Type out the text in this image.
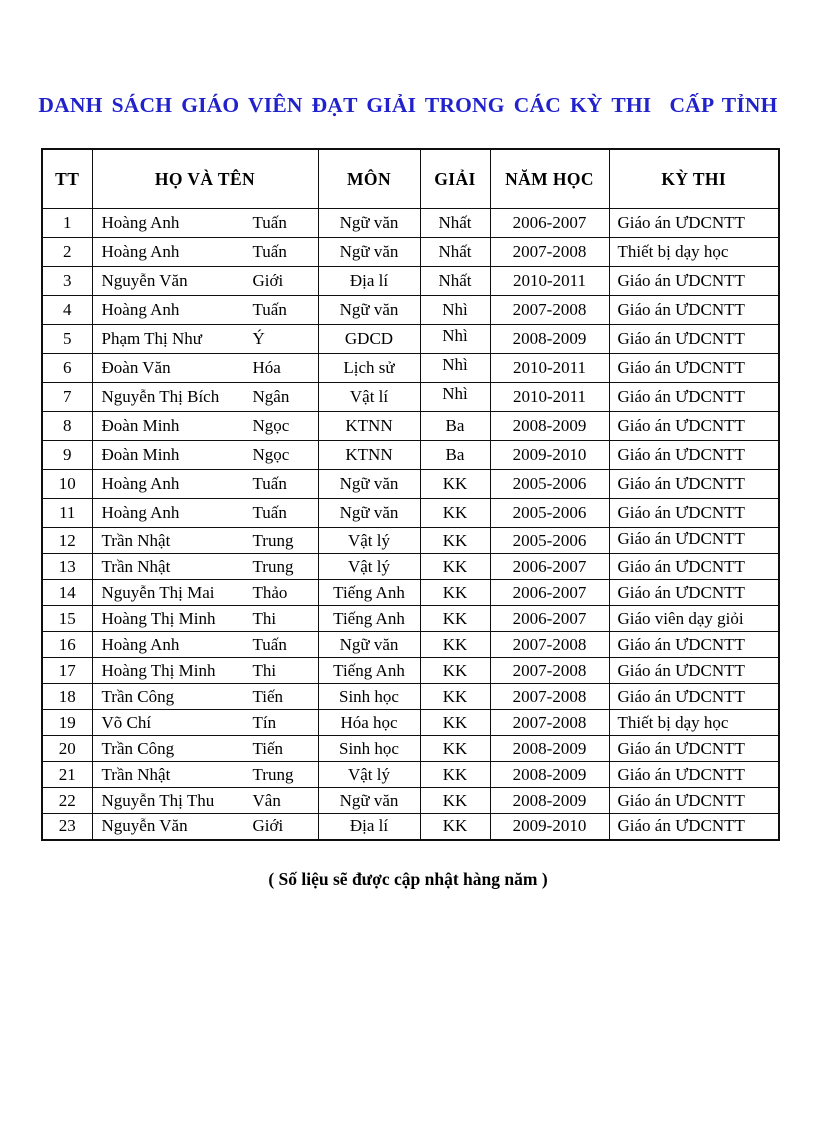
DANH SÁCH GIÁO VIÊN ĐẠT GIẢI TRONG CÁC KỲ THI  CẤP TỈNH
TT	HỌ VÀ TÊN	MÔN	GIẢI	NĂM HỌC	KỲ THI
1	Hoàng Anh Tuấn	Ngữ văn	Nhất	2006-2007	Giáo án ƯDCNTT
2	Hoàng Anh Tuấn	Ngữ văn	Nhất	2007-2008	Thiết bị dạy học
3	Nguyễn Văn Giới	Địa lí	Nhất	2010-2011	Giáo án ƯDCNTT
4	Hoàng Anh Tuấn	Ngữ văn	Nhì	2007-2008	Giáo án ƯDCNTT
5	Phạm Thị Như Ý	GDCD	Nhì	2008-2009	Giáo án ƯDCNTT
6	Đoàn Văn Hóa	Lịch sử	Nhì	2010-2011	Giáo án ƯDCNTT
7	Nguyễn Thị Bích Ngân	Vật lí	Nhì	2010-2011	Giáo án ƯDCNTT
8	Đoàn Minh Ngọc	KTNN	Ba	2008-2009	Giáo án ƯDCNTT
9	Đoàn Minh Ngọc	KTNN	Ba	2009-2010	Giáo án ƯDCNTT
10	Hoàng Anh Tuấn	Ngữ văn	KK	2005-2006	Giáo án ƯDCNTT
11	Hoàng Anh Tuấn	Ngữ văn	KK	2005-2006	Giáo án ƯDCNTT
12	Trần Nhật Trung	Vật lý	KK	2005-2006	Giáo án ƯDCNTT
13	Trần Nhật Trung	Vật lý	KK	2006-2007	Giáo án ƯDCNTT
14	Nguyễn Thị Mai Thảo	Tiếng Anh	KK	2006-2007	Giáo án ƯDCNTT
15	Hoàng Thị Minh Thi	Tiếng Anh	KK	2006-2007	Giáo viên dạy giỏi
16	Hoàng Anh Tuấn	Ngữ văn	KK	2007-2008	Giáo án ƯDCNTT
17	Hoàng Thị Minh Thi	Tiếng Anh	KK	2007-2008	Giáo án ƯDCNTT
18	Trần Công Tiến	Sinh học	KK	2007-2008	Giáo án ƯDCNTT
19	Võ Chí Tín	Hóa học	KK	2007-2008	Thiết bị dạy học
20	Trần Công Tiến	Sinh học	KK	2008-2009	Giáo án ƯDCNTT
21	Trần Nhật Trung	Vật lý	KK	2008-2009	Giáo án ƯDCNTT
22	Nguyễn Thị Thu Vân	Ngữ văn	KK	2008-2009	Giáo án ƯDCNTT
23	Nguyễn Văn Giới	Địa lí	KK	2009-2010	Giáo án ƯDCNTT
( Số liệu sẽ được cập nhật hàng năm )
